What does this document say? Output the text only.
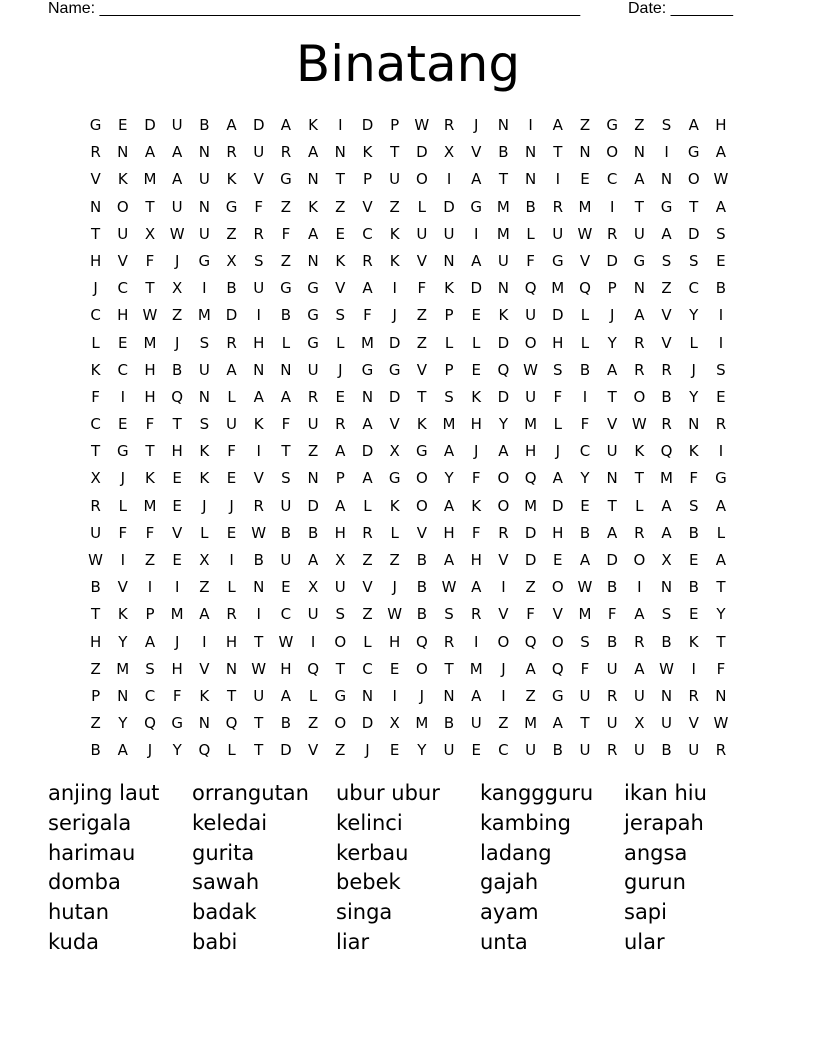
Name: ______________________________________________________	Date: _______
Binatang
G	E	D	U	B	A	D	A	K	I	D	P	W R	J	N	I	A	Z	G	Z	S	A	H
R	N	A	A	N	R	U	R	A	N	K	T	D	X	V	B	N	T	N	O	N	I	G	A
V	K	M	A	U	K	V	G	N	T	P	U	O	I	A	T	N	I	E	C	A	N	O W
N	O	T	U	N	G	F	Z	K	Z	V	Z	L	D	G M	B	R	M	I	T	G	T	A
T	U	X W U	Z	R	F	A	E	C	K	U	U	I	M	L	U W R	U	A	D	S
H	V	F	J	G	X	S	Z	N	K	R	K	V	N	A	U	F	G	V	D	G	S	S	E
J	C	T	X	I	B	U	G	G	V	A	I	F	K	D	N	Q M Q	P	N	Z	C	B
C	H W Z	M D	I	B	G	S	F	J	Z	P	E	K	U	D	L	J	A	V	Y	I
L	E	M	J	S	R	H	L	G	L	M D	Z	L	L	D	O	H	L	Y	R	V	L	I
K	C	H	B	U	A	N	N	U	J	G	G	V	P	E	Q W	S	B	A	R	R	J	S
F	I	H	Q	N	L	A	A	R	E	N	D	T	S	K	D	U	F	I	T	O	B	Y	E
C	E	F	T	S	U	K	F	U	R	A	V	K	M	H	Y	M	L	F	V W R	N	R
T	G	T	H	K	F	I	T	Z	A	D	X	G	A	J	A	H	J	C	U	K	Q	K	I
X	J	K	E	K	E	V	S	N	P	A	G	O	Y	F	O	Q	A	Y	N	T	M	F	G
R	L	M	E	J	J	R	U	D	A	L	K	O	A	K	O M D	E	T	L	A	S	A
U	F	F	V	L	E	W B	B	H	R	L	V	H	F	R	D	H	B	A	R	A	B	L
W	I	Z	E	X	I	B	U	A	X	Z	Z	B	A	H	V	D	E	A	D	O	X	E	A
B	V	I	I	Z	L	N	E	X	U	V	J	B W A	I	Z	O W B	I	N	B	T
T	K	P	M	A	R	I	C	U	S	Z W B	S	R	V	F	V	M	F	A	S	E	Y
H	Y	A	J	I	H	T	W	I	O	L	H	Q	R	I	O	Q	O	S	B	R	B	K	T
Z	M	S	H	V	N W H	Q	T	C	E	O	T	M	J	A	Q	F	U	A W	I	F
P	N	C	F	K	T	U	A	L	G	N	I	J	N	A	I	Z	G	U	R	U	N	R	N
Z	Y	Q	G	N	Q	T	B	Z	O	D	X	M	B	U	Z	M	A	T	U	X	U	V W
B	A	J	Y	Q	L	T	D	V	Z	J	E	Y	U	E	C	U	B	U	R	U	B	U	R
anjing laut	orrangutan	ubur ubur	kanggguru	ikan hiu
serigala	keledai	kelinci	kambing	jerapah
harimau	gurita	kerbau	ladang	angsa
domba	sawah	bebek	gajah	gurun
hutan	badak	singa	ayam	sapi
kuda	babi	liar	unta	ular
